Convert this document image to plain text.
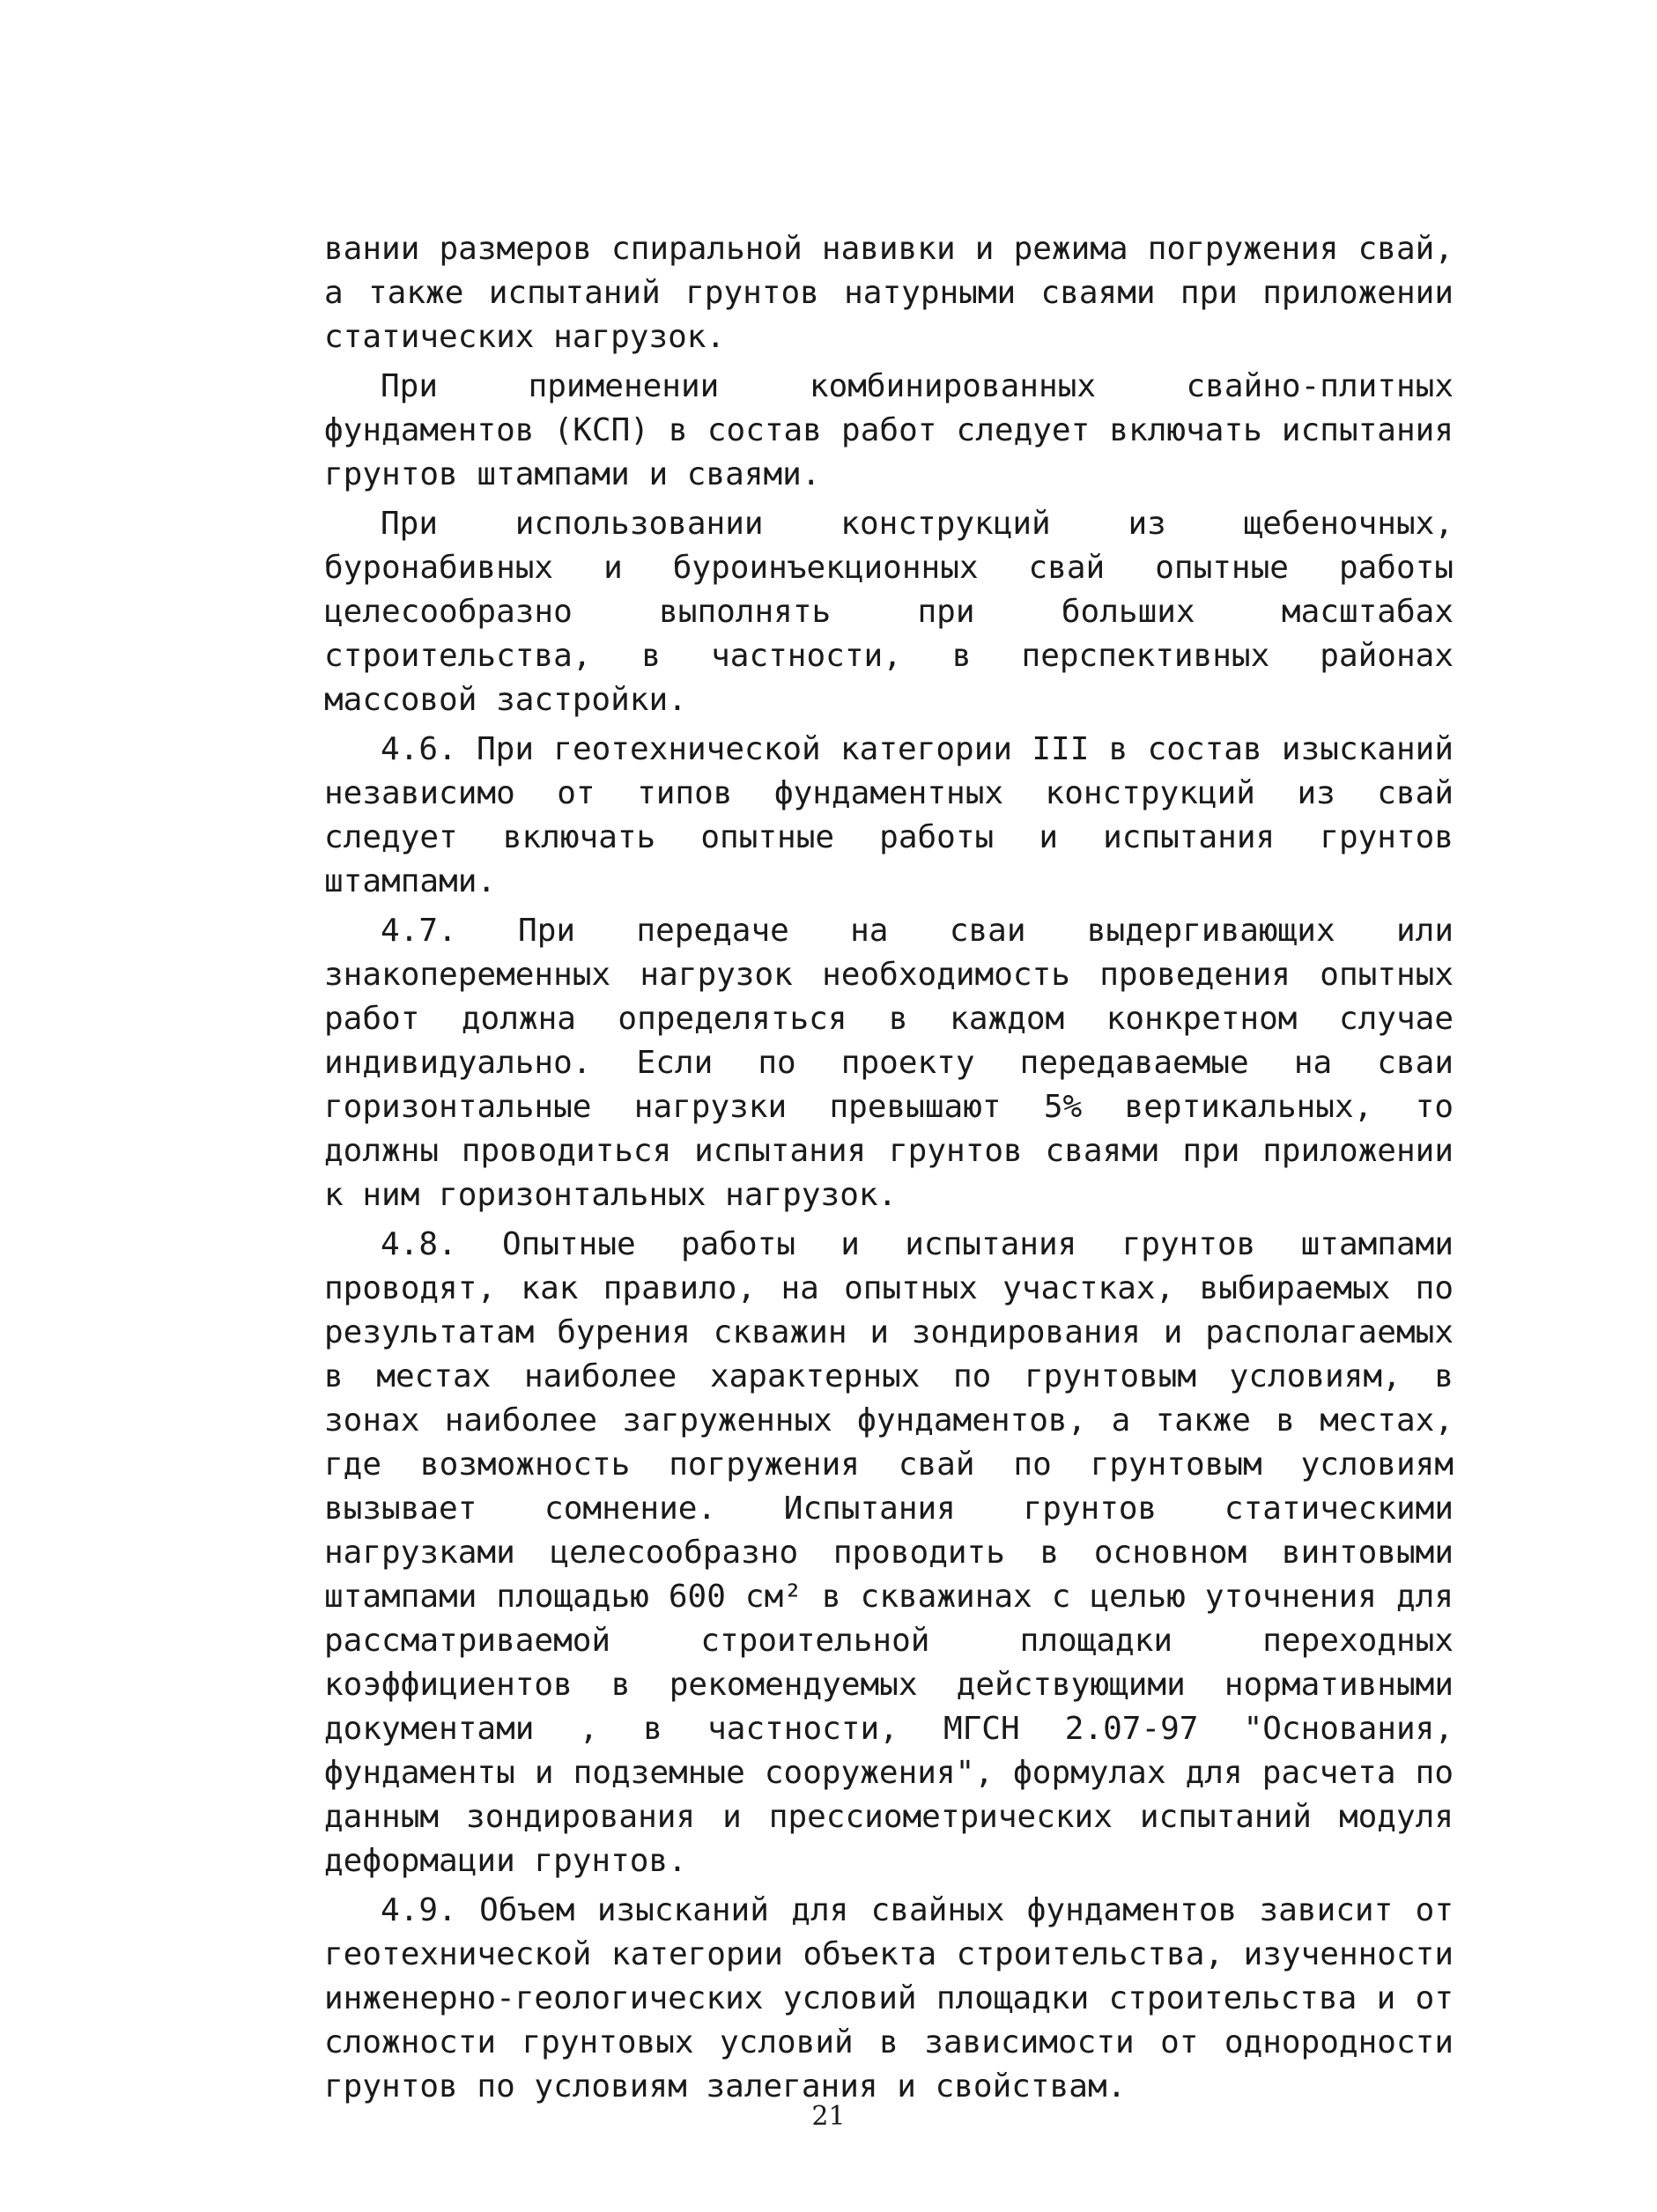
вании размеров спиральной навивки и режима погружения свай, а также испытаний грунтов натурными сваями при приложении статических нагрузок.

При применении комбинированных свайно-плитных фундаментов (КСП) в состав работ следует включать испытания грунтов штампами и сваями.

При использовании конструкций из щебеночных, буронабивных и буроинъекционных свай опытные работы целесообразно выполнять при больших масштабах строительства, в частности, в перспективных районах массовой застройки.

4.6. При геотехнической категории III в состав изысканий независимо от типов фундаментных конструкций из свай следует включать опытные работы и испытания грунтов штампами.

4.7. При передаче на сваи выдергивающих или знакопеременных нагрузок необходимость проведения опытных работ должна определяться в каждом конкретном случае индивидуально. Если по проекту передаваемые на сваи горизонтальные нагрузки превышают 5% вертикальных, то должны проводиться испытания грунтов сваями при приложении к ним горизонтальных нагрузок.

4.8. Опытные работы и испытания грунтов штампами проводят, как правило, на опытных участках, выбираемых по результатам бурения скважин и зондирования и располагаемых в местах наиболее характерных по грунтовым условиям, в зонах наиболее загруженных фундаментов, а также в местах, где возможность погружения свай по грунтовым условиям вызывает сомнение. Испытания грунтов статическими нагрузками целесообразно проводить в основном винтовыми штампами площадью 600 см² в скважинах с целью уточнения для рассматриваемой строительной площадки переходных коэффициентов в рекомендуемых действующими нормативными документами , в частности, МГСН 2.07-97 "Основания, фундаменты и подземные сооружения", формулах для расчета по данным зондирования и прессиометрических испытаний модуля деформации грунтов.

4.9. Объем изысканий для свайных фундаментов зависит от геотехнической категории объекта строительства, изученности инженерно-геологических условий площадки строительства и от сложности грунтовых условий в зависимости от однородности грунтов по условиям залегания и свойствам.

21
